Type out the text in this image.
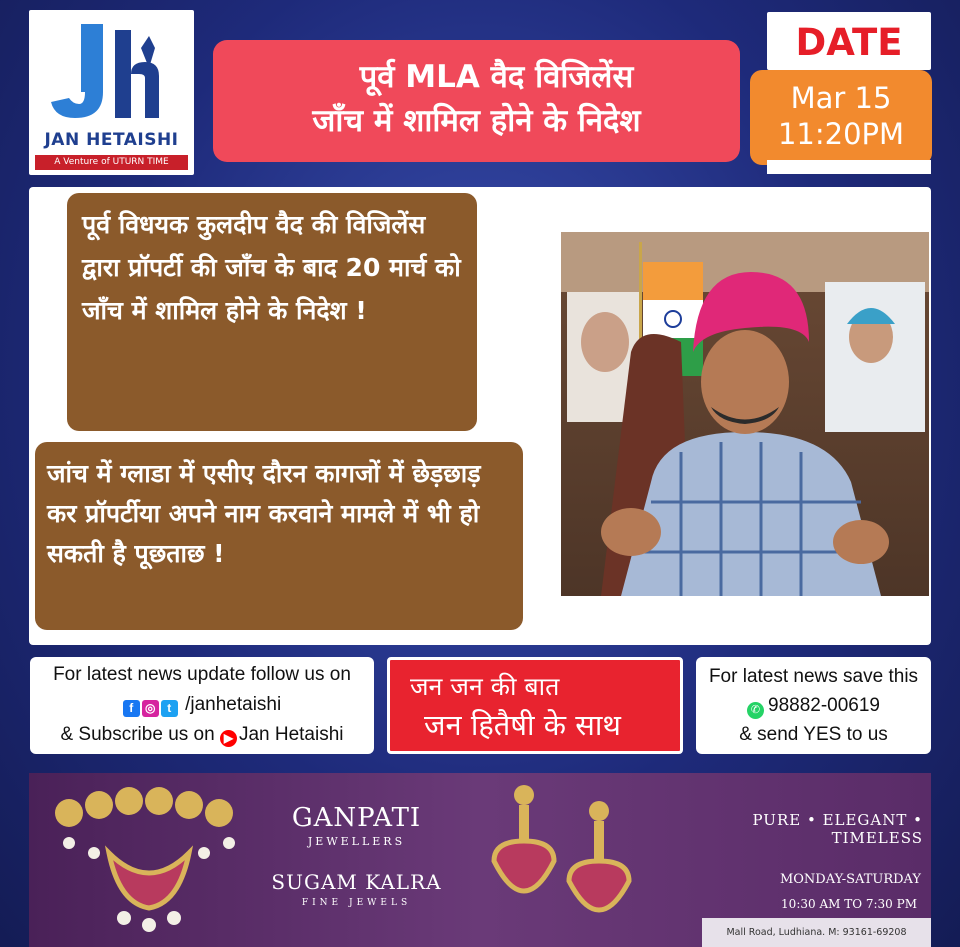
JAN HETAISHI
A Venture of UTURN TIME
पूर्व MLA वैद विजिलेंस
जाँच में शामिल होने के निदेश
DATE
Mar 15
11:20PM
पूर्व विधयक कुलदीप वैद की विजिलेंस द्वारा प्रॉपर्टी की जाँच के बाद 20 मार्च को जाँच में शामिल होने के निदेश !
जांच में ग्लाडा में एसीए दौरन कागजों में छेड़छाड़ कर प्रॉपर्टीया अपने नाम करवाने मामले में भी हो सकती है पूछताछ !
For latest news update follow us on
f ◎ t /janhetaishi
& Subscribe us on ▶ Jan Hetaishi
जन जन की बात
जन हितैषी के साथ
For latest news save this
✆ 98882-00619
& send YES to us
GANPATI
JEWELLERS
SUGAM KALRA
FINE JEWELS
PURE • ELEGANT • TIMELESS
MONDAY-SATURDAY
10:30 AM TO 7:30 PM
Mall Road, Ludhiana. M: 93161-69208
